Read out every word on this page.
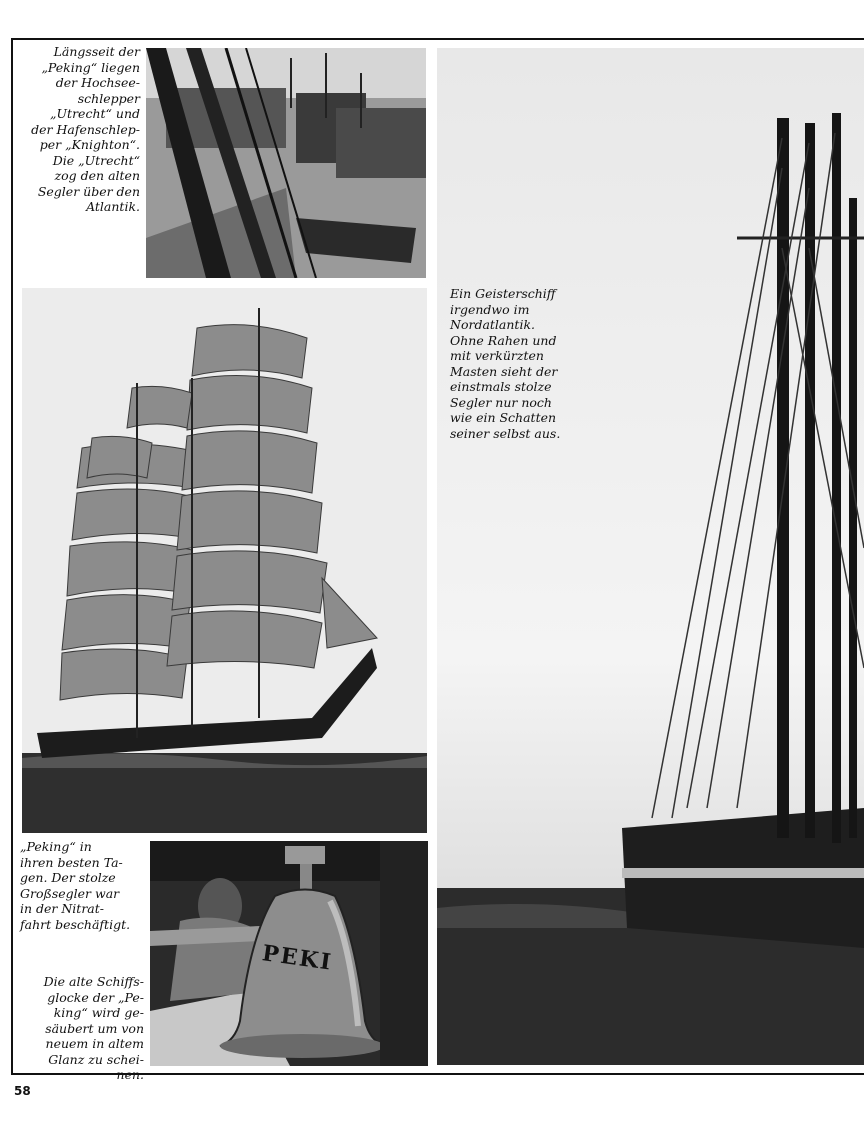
Längsseit der
„Peking“ liegen
der Hochsee-
schlepper
„Utrecht“ und
der Hafenschlep-
per „Knighton“.
Die „Utrecht“
zog den alten
Segler über den
Atlantik.

Ein Geisterschiff
irgendwo im
Nordatlantik.
Ohne Rahen und
mit verkürzten
Masten sieht der
einstmals stolze
Segler nur noch
wie ein Schatten
seiner selbst aus.

„Peking“ in
ihren besten Ta-
gen. Der stolze
Großsegler war
in der Nitrat-
fahrt beschäftigt.

PEKI

Die alte Schiffs-
glocke der „Pe-
king“ wird ge-
säubert um von
neuem in altem
Glanz zu schei-
nen.

58
